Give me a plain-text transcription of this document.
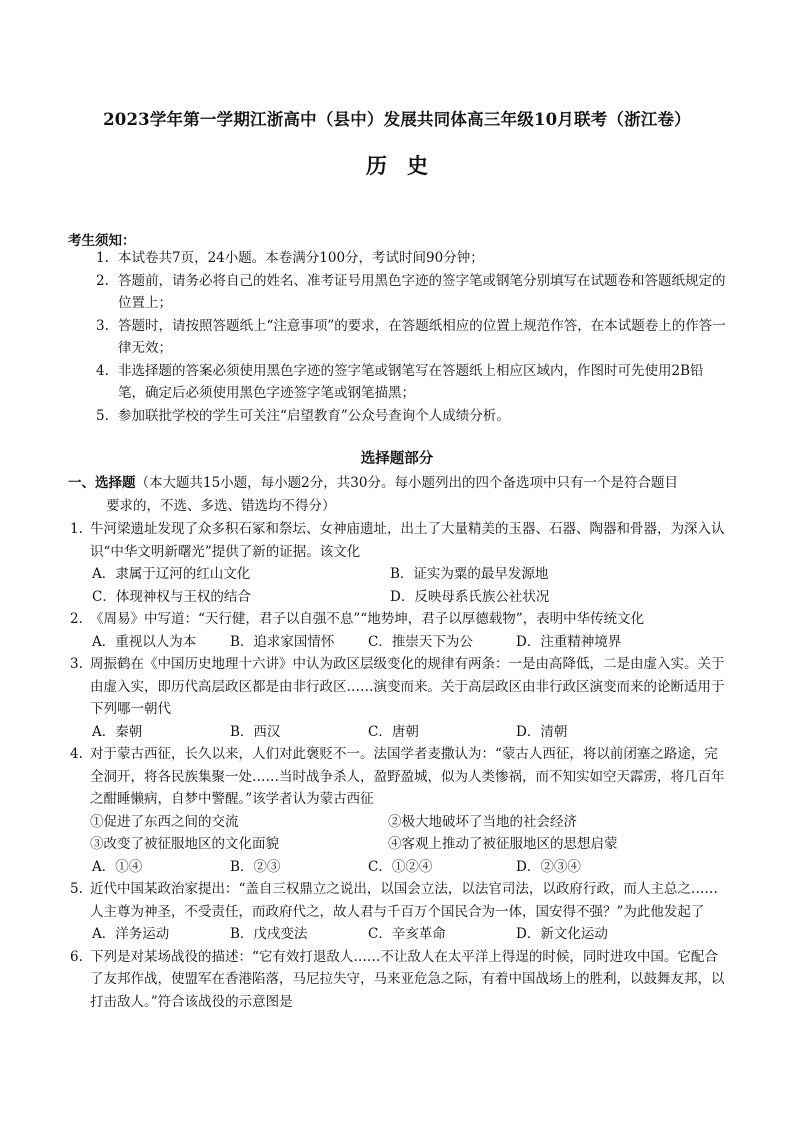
2023学年第一学期江浙高中（县中）发展共同体高三年级10月联考（浙江卷）
历史
考生须知：
1. 本试卷共7页，24小题。本卷满分100分，考试时间90分钟；
2. 答题前，请务必将自己的姓名、准考证号用黑色字迹的签字笔或钢笔分别填写在试题卷和答题纸规定的位置上；
3. 答题时，请按照答题纸上“注意事项”的要求，在答题纸相应的位置上规范作答，在本试题卷上的作答一律无效；
4. 非选择题的答案必须使用黑色字迹的签字笔或钢笔写在答题纸上相应区域内，作图时可先使用2B铅笔，确定后必须使用黑色字迹签字笔或钢笔描黑；
5. 参加联批学校的学生可关注“启望教育”公众号查询个人成绩分析。
选择题部分
一、选择题（本大题共15小题，每小题2分，共30分。每小题列出的四个备选项中只有一个是符合题目
要求的，不选、多选、错选均不得分）
1. 牛河梁遗址发现了众多积石冢和祭坛、女神庙遗址，出土了大量精美的玉器、石器、陶器和骨器，为深入认识“中华文明新曙光”提供了新的证据。该文化

A．隶属于辽河的红山文化	B．证实为粟的最早发源地
C．体现神权与王权的结合	D．反映母系氏族公社状况
2. 《周易》中写道：“天行健，君子以自强不息”“地势坤，君子以厚德载物”，表明中华传统文化

A．重视以人为本	B．追求家国情怀	C．推崇天下为公	D．注重精神境界
3. 周振鹤在《中国历史地理十六讲》中认为政区层级变化的规律有两条：一是由高降低，二是由虚入实。关于由虚入实，即历代高层政区都是由非行政区……演变而来。关于高层政区由非行政区演变而来的论断适用于下列哪一朝代

A．秦朝	B．西汉	C．唐朝	D．清朝
4. 对于蒙古西征，长久以来，人们对此褒贬不一。法国学者麦撒认为：“蒙古人西征，将以前闭塞之路途，完全洞开，将各民族集聚一处……当时战争杀人，盈野盈城，似为人类惨祸，而不知实如空天霹雳，将几百年之酣睡懒病，自梦中警醒。”该学者认为蒙古西征

①促进了东西之间的交流	②极大地破坏了当地的社会经济
③改变了被征服地区的文化面貌	④客观上推动了被征服地区的思想启蒙
A．①④	B．②③	C．①②④	D．②③④
5. 近代中国某政治家提出：“盖自三权鼎立之说出，以国会立法，以法官司法，以政府行政，而人主总之……人主尊为神圣，不受责任，而政府代之，故人君与千百万个国民合为一体，国安得不强？”为此他发起了

A．洋务运动	B．戊戌变法	C．辛亥革命	D．新文化运动
6. 下列是对某场战役的描述：“它有效打退敌人……不让敌人在太平洋上得逞的时候，同时进攻中国。它配合了友邦作战，使盟军在香港陷落，马尼拉失守，马来亚危急之际，有着中国战场上的胜利，以鼓舞友邦，以打击敌人。”符合该战役的示意图是
